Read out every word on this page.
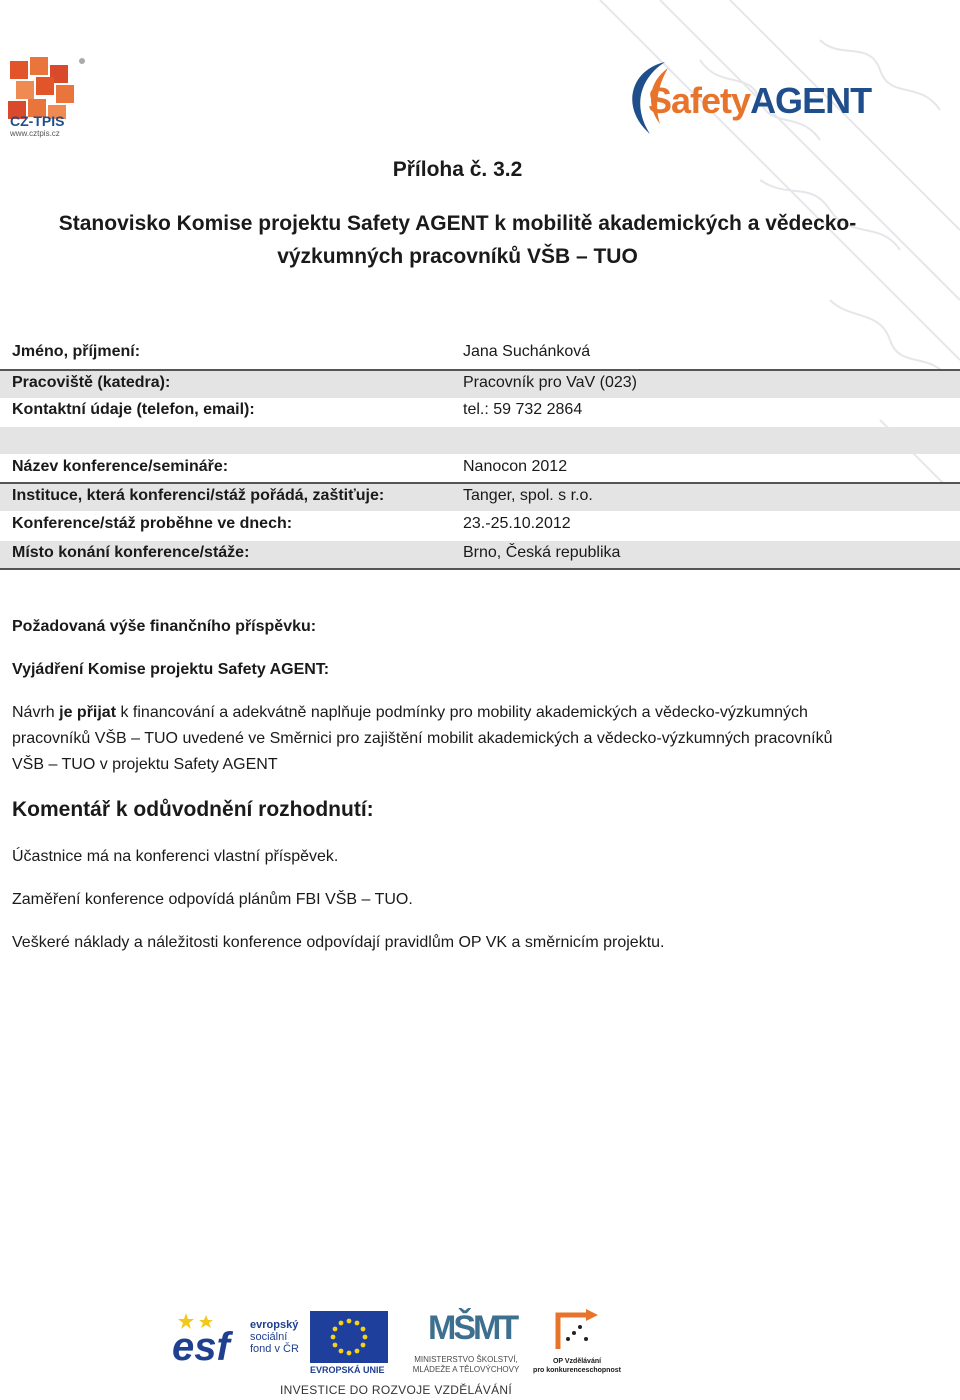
CZ-TPIS
www.cztpis.cz
SafetyAGENT
Příloha č. 3.2
Stanovisko Komise projektu Safety AGENT k mobilitě akademických a vědecko-
výzkumných pracovníků VŠB – TUO
Jméno, příjmení:	Jana Suchánková
Pracoviště (katedra):	Pracovník pro VaV (023)
Kontaktní údaje (telefon, email):	tel.: 59 732 2864
Název konference/semináře:	Nanocon 2012
Instituce, která konferenci/stáž pořádá, zaštiťuje:	Tanger, spol. s r.o.
Konference/stáž proběhne ve dnech:	23.-25.10.2012
Místo konání konference/stáže:	Brno, Česká republika
Požadovaná výše finančního příspěvku:
Vyjádření Komise projektu Safety AGENT:
Návrh je přijat k financování a adekvátně naplňuje podmínky pro mobility akademických a vědecko-výzkumných
pracovníků VŠB – TUO uvedené ve Směrnici pro zajištění mobilit akademických a vědecko-výzkumných pracovníků
VŠB – TUO v projektu Safety AGENT
Komentář k odůvodnění rozhodnutí:
Účastnice má na konferenci vlastní příspěvek.
Zaměření konference odpovídá plánům FBI VŠB – TUO.
Veškeré náklady a náležitosti konference odpovídají pravidlům OP VK a směrnicím projektu.
esf evropský
sociální
fond v ČR
EVROPSKÁ UNIE
MŠMT
MINISTERSTVO ŠKOLSTVÍ,
MLÁDEŽE A TĚLOVÝCHOVY
OP Vzdělávání
pro konkurenceschopnost
INVESTICE DO ROZVOJE VZDĚLÁVÁNÍ
